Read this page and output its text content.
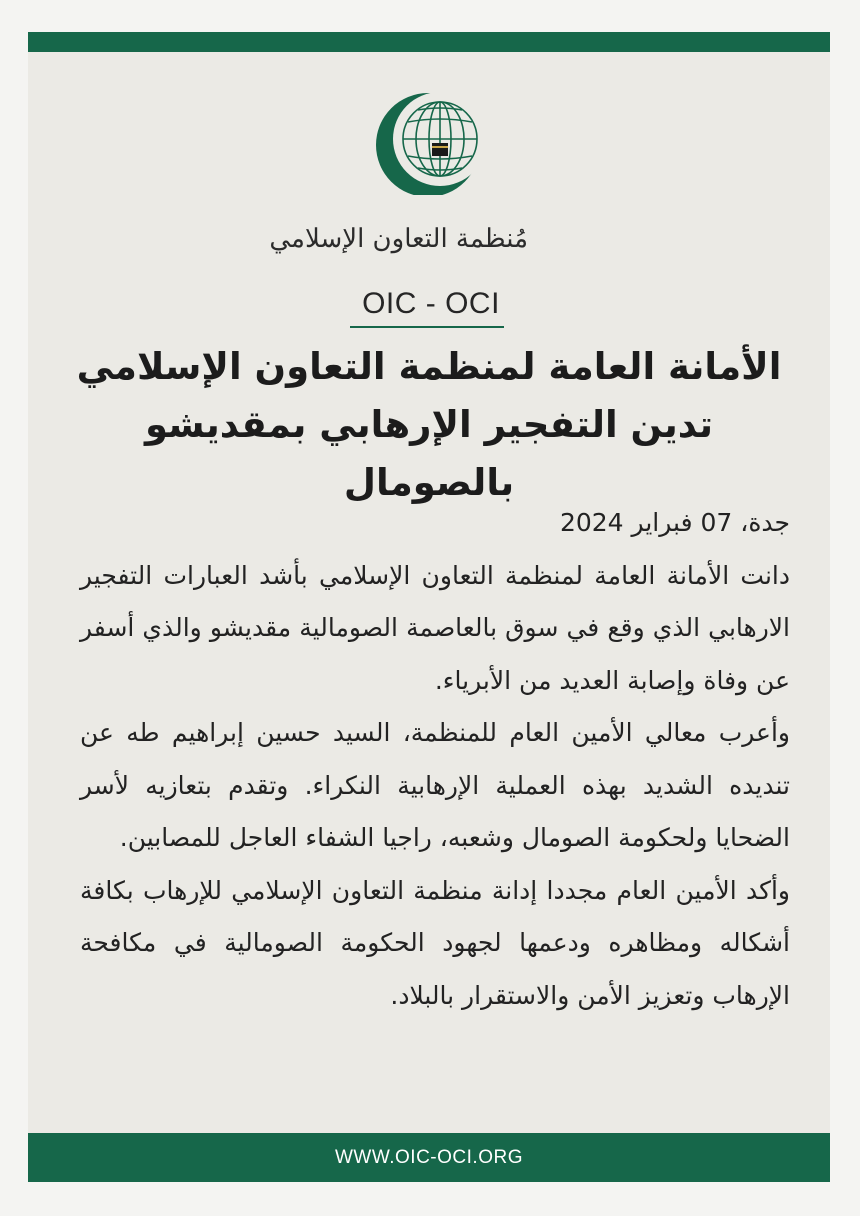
مُنظمة التعاون الإسلامي
OIC - OCI
الأمانة العامة لمنظمة التعاون الإسلامي تدين التفجير الإرهابي بمقديشو بالصومال

جدة، 07 فبراير 2024

دانت الأمانة العامة لمنظمة التعاون الإسلامي بأشد العبارات التفجير الارهابي الذي وقع في سوق بالعاصمة الصومالية مقديشو والذي أسفر عن وفاة وإصابة العديد من الأبرياء.

وأعرب معالي الأمين العام للمنظمة، السيد حسين إبراهيم طه عن تنديده الشديد بهذه العملية الإرهابية النكراء. وتقدم بتعازيه لأسر الضحايا ولحكومة الصومال وشعبه، راجيا الشفاء العاجل للمصابين.

وأكد الأمين العام مجددا إدانة منظمة التعاون الإسلامي للإرهاب بكافة أشكاله ومظاهره ودعمها لجهود الحكومة الصومالية في مكافحة الإرهاب وتعزيز الأمن والاستقرار بالبلاد.

WWW.OIC-OCI.ORG
